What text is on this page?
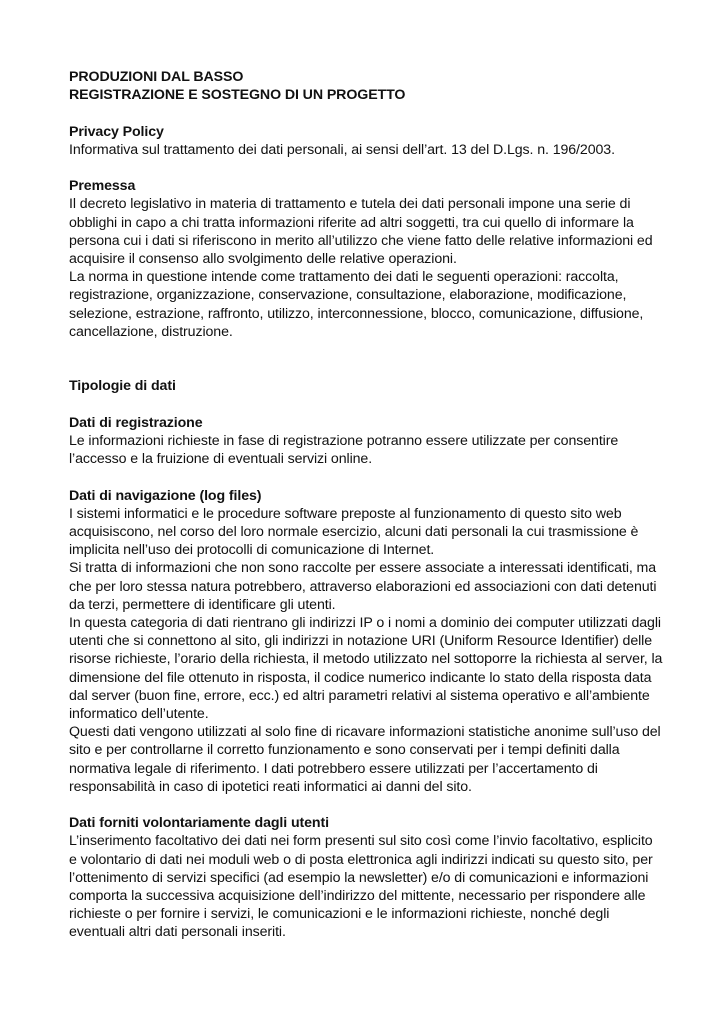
PRODUZIONI DAL BASSO
REGISTRAZIONE E SOSTEGNO DI UN PROGETTO
Privacy Policy
Informativa sul trattamento dei dati personali, ai sensi dell’art. 13 del D.Lgs. n. 196/2003.
Premessa
Il decreto legislativo in materia di trattamento e tutela dei dati personali impone una serie di obblighi in capo a chi tratta informazioni riferite ad altri soggetti, tra cui quello di informare la persona cui i dati si riferiscono in merito all’utilizzo che viene fatto delle relative informazioni ed acquisire il consenso allo svolgimento delle relative operazioni.
La norma in questione intende come trattamento dei dati le seguenti operazioni: raccolta, registrazione, organizzazione, conservazione, consultazione, elaborazione, modificazione, selezione, estrazione, raffronto, utilizzo, interconnessione, blocco, comunicazione, diffusione, cancellazione, distruzione.
Tipologie di dati
Dati di registrazione
Le informazioni richieste in fase di registrazione potranno essere utilizzate per consentire l’accesso e la fruizione di eventuali servizi online.
Dati di navigazione (log files)
I sistemi informatici e le procedure software preposte al funzionamento di questo sito web acquisiscono, nel corso del loro normale esercizio, alcuni dati personali la cui trasmissione è implicita nell’uso dei protocolli di comunicazione di Internet.
Si tratta di informazioni che non sono raccolte per essere associate a interessati identificati, ma che per loro stessa natura potrebbero, attraverso elaborazioni ed associazioni con dati detenuti da terzi, permettere di identificare gli utenti.
In questa categoria di dati rientrano gli indirizzi IP o i nomi a dominio dei computer utilizzati dagli utenti che si connettono al sito, gli indirizzi in notazione URI (Uniform Resource Identifier) delle risorse richieste, l’orario della richiesta, il metodo utilizzato nel sottoporre la richiesta al server, la dimensione del file ottenuto in risposta, il codice numerico indicante lo stato della risposta data dal server (buon fine, errore, ecc.) ed altri parametri relativi al sistema operativo e all’ambiente informatico dell’utente.
Questi dati vengono utilizzati al solo fine di ricavare informazioni statistiche anonime sull’uso del sito e per controllarne il corretto funzionamento e sono conservati per i tempi definiti dalla normativa legale di riferimento. I dati potrebbero essere utilizzati per l’accertamento di responsabilità in caso di ipotetici reati informatici ai danni del sito.
Dati forniti volontariamente dagli utenti
L’inserimento facoltativo dei dati nei form presenti sul sito così come l’invio facoltativo, esplicito e volontario di dati nei moduli web o di posta elettronica agli indirizzi indicati su questo sito, per l’ottenimento di servizi specifici (ad esempio la newsletter) e/o di comunicazioni e informazioni comporta la successiva acquisizione dell’indirizzo del mittente, necessario per rispondere alle richieste o per fornire i servizi, le comunicazioni e le informazioni richieste, nonché degli eventuali altri dati personali inseriti.
